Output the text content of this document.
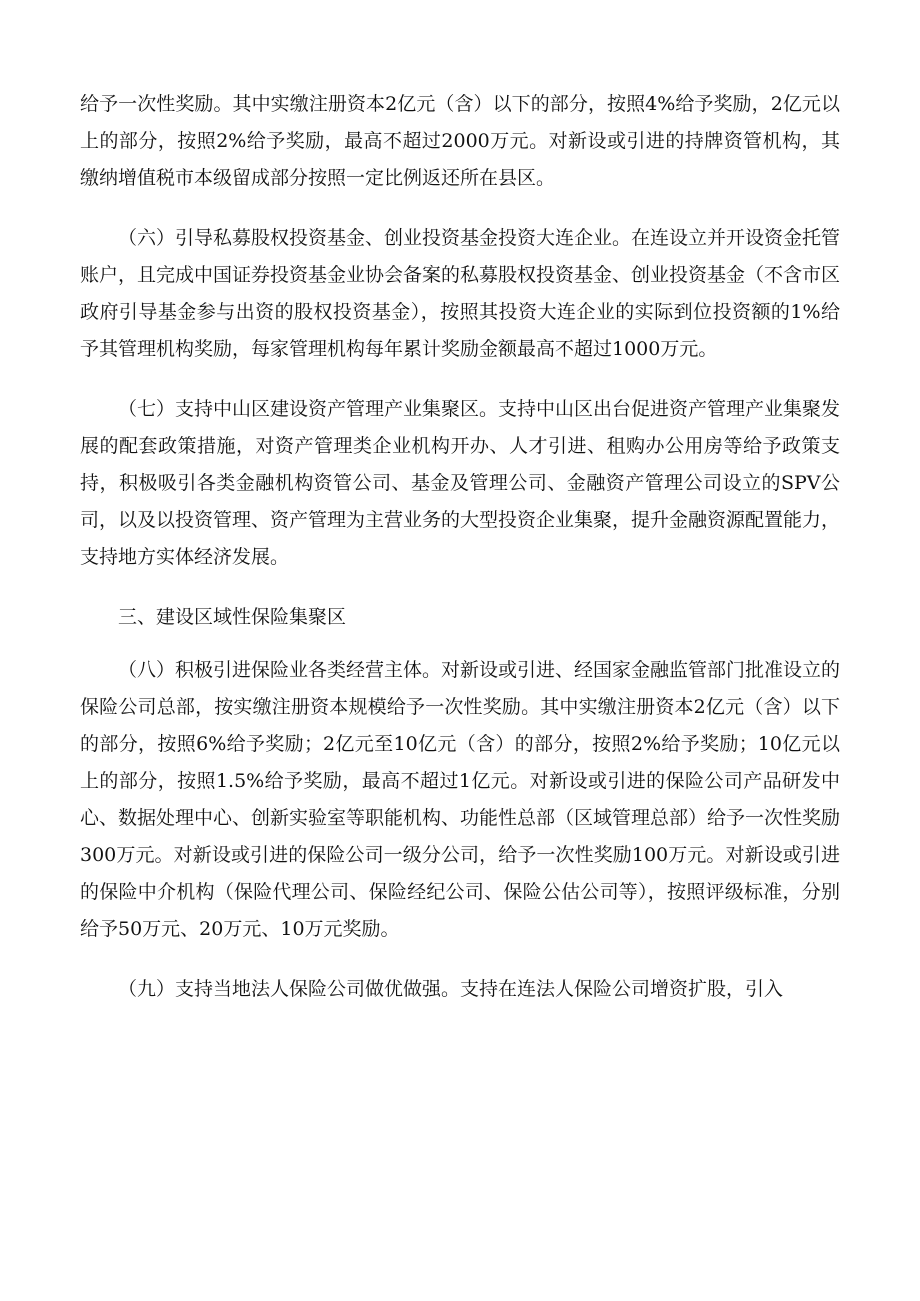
给予一次性奖励。其中实缴注册资本2亿元（含）以下的部分，按照4%给予奖励，2亿元以上的部分，按照2%给予奖励，最高不超过2000万元。对新设或引进的持牌资管机构，其缴纳增值税市本级留成部分按照一定比例返还所在县区。

（六）引导私募股权投资基金、创业投资基金投资大连企业。在连设立并开设资金托管账户，且完成中国证券投资基金业协会备案的私募股权投资基金、创业投资基金（不含市区政府引导基金参与出资的股权投资基金），按照其投资大连企业的实际到位投资额的1%给予其管理机构奖励，每家管理机构每年累计奖励金额最高不超过1000万元。

（七）支持中山区建设资产管理产业集聚区。支持中山区出台促进资产管理产业集聚发展的配套政策措施，对资产管理类企业机构开办、人才引进、租购办公用房等给予政策支持，积极吸引各类金融机构资管公司、基金及管理公司、金融资产管理公司设立的SPV公司，以及以投资管理、资产管理为主营业务的大型投资企业集聚，提升金融资源配置能力，支持地方实体经济发展。

三、建设区域性保险集聚区

（八）积极引进保险业各类经营主体。对新设或引进、经国家金融监管部门批准设立的保险公司总部，按实缴注册资本规模给予一次性奖励。其中实缴注册资本2亿元（含）以下的部分，按照6%给予奖励；2亿元至10亿元（含）的部分，按照2%给予奖励；10亿元以上的部分，按照1.5%给予奖励，最高不超过1亿元。对新设或引进的保险公司产品研发中心、数据处理中心、创新实验室等职能机构、功能性总部（区域管理总部）给予一次性奖励300万元。对新设或引进的保险公司一级分公司，给予一次性奖励100万元。对新设或引进的保险中介机构（保险代理公司、保险经纪公司、保险公估公司等），按照评级标准，分别给予50万元、20万元、10万元奖励。

（九）支持当地法人保险公司做优做强。支持在连法人保险公司增资扩股，引入
